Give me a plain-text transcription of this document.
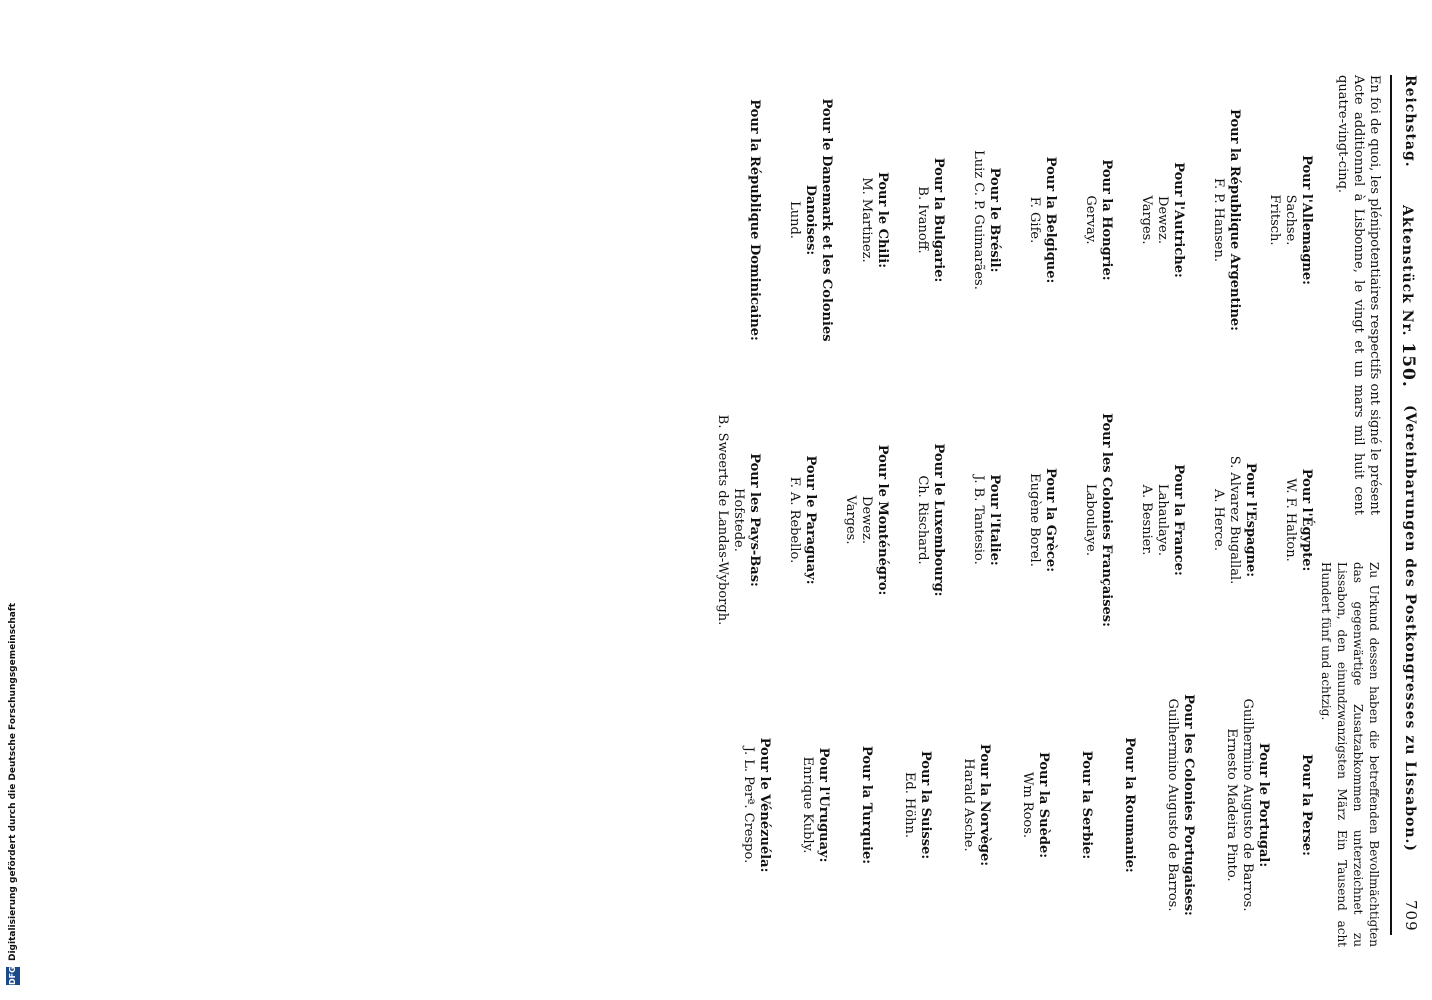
Reichstag.
Aktenstück Nr. 150.
(Vereinbarungen des Postkongresses zu Lissabon.)
709
En foi de quoi, les plénipotentiaires respectifs ont signé le présent Acte additionnel à Lisbonne, le vingt et un mars mil huit cent quatre-vingt-cinq.
Zu Urkund dessen haben die betreffenden Bevollmächtigten das gegenwärtige Zusatzabkommen unterzeichnet zu Lissabon, den einundzwanzigsten März Ein Tausend acht Hundert fünf und achtzig.
Pour l'Allemagne:
Sachse.
Fritsch.
Pour la République Argentine:
F. P. Hansen.
Pour l'Autriche:
Dewez.
Varges.
Pour la Hongrie:
Gervay.
Pour la Belgique:
F. Gife.
Pour le Brésil:
Luiz C. P. Guimarães.
Pour la Bulgarie:
B. Ivanoff.
Pour le Chili:
M. Martinez.
Pour le Danemark et les Colonies Danoises:
Lund.
Pour la République Dominicaine:
Pour l'Égypte:
W. F. Halton.
Pour l'Espagne:
S. Alvarez Bugallal.
A. Herce.
Pour la France:
Lahaulaye.
A. Besnier.
Pour les Colonies Françaises:
Laboulaye.
Pour la Grèce:
Eugène Borel.
Pour l'Italie:
J. B. Tantesio.
Pour le Luxembourg:
Ch. Rischard.
Pour le Monténégro:
Dewez.
Varges.
Pour le Paraguay:
F. A. Rebello.
Pour les Pays-Bas:
Hofstede.
B. Sweerts de Landas-Wyborgh.
Pour la Perse:
Pour le Portugal:
Guilhermino Augusto de Barros.
Ernesto Madeira Pinto.
Pour les Colonies Portugaises:
Guilhermino Augusto de Barros.
Pour la Roumanie:
Pour la Serbie:
Pour la Suède:
Wm Roos.
Pour la Norvège:
Harald Asche.
Pour la Suisse:
Ed. Höhn.
Pour la Turquie:
Pour l'Uruguay:
Enrique Kubly.
Pour le Vénézuéla:
J. L. Perª. Crespo.
DFG
Digitalisierung gefördert durch die Deutsche Forschungsgemeinschaft
